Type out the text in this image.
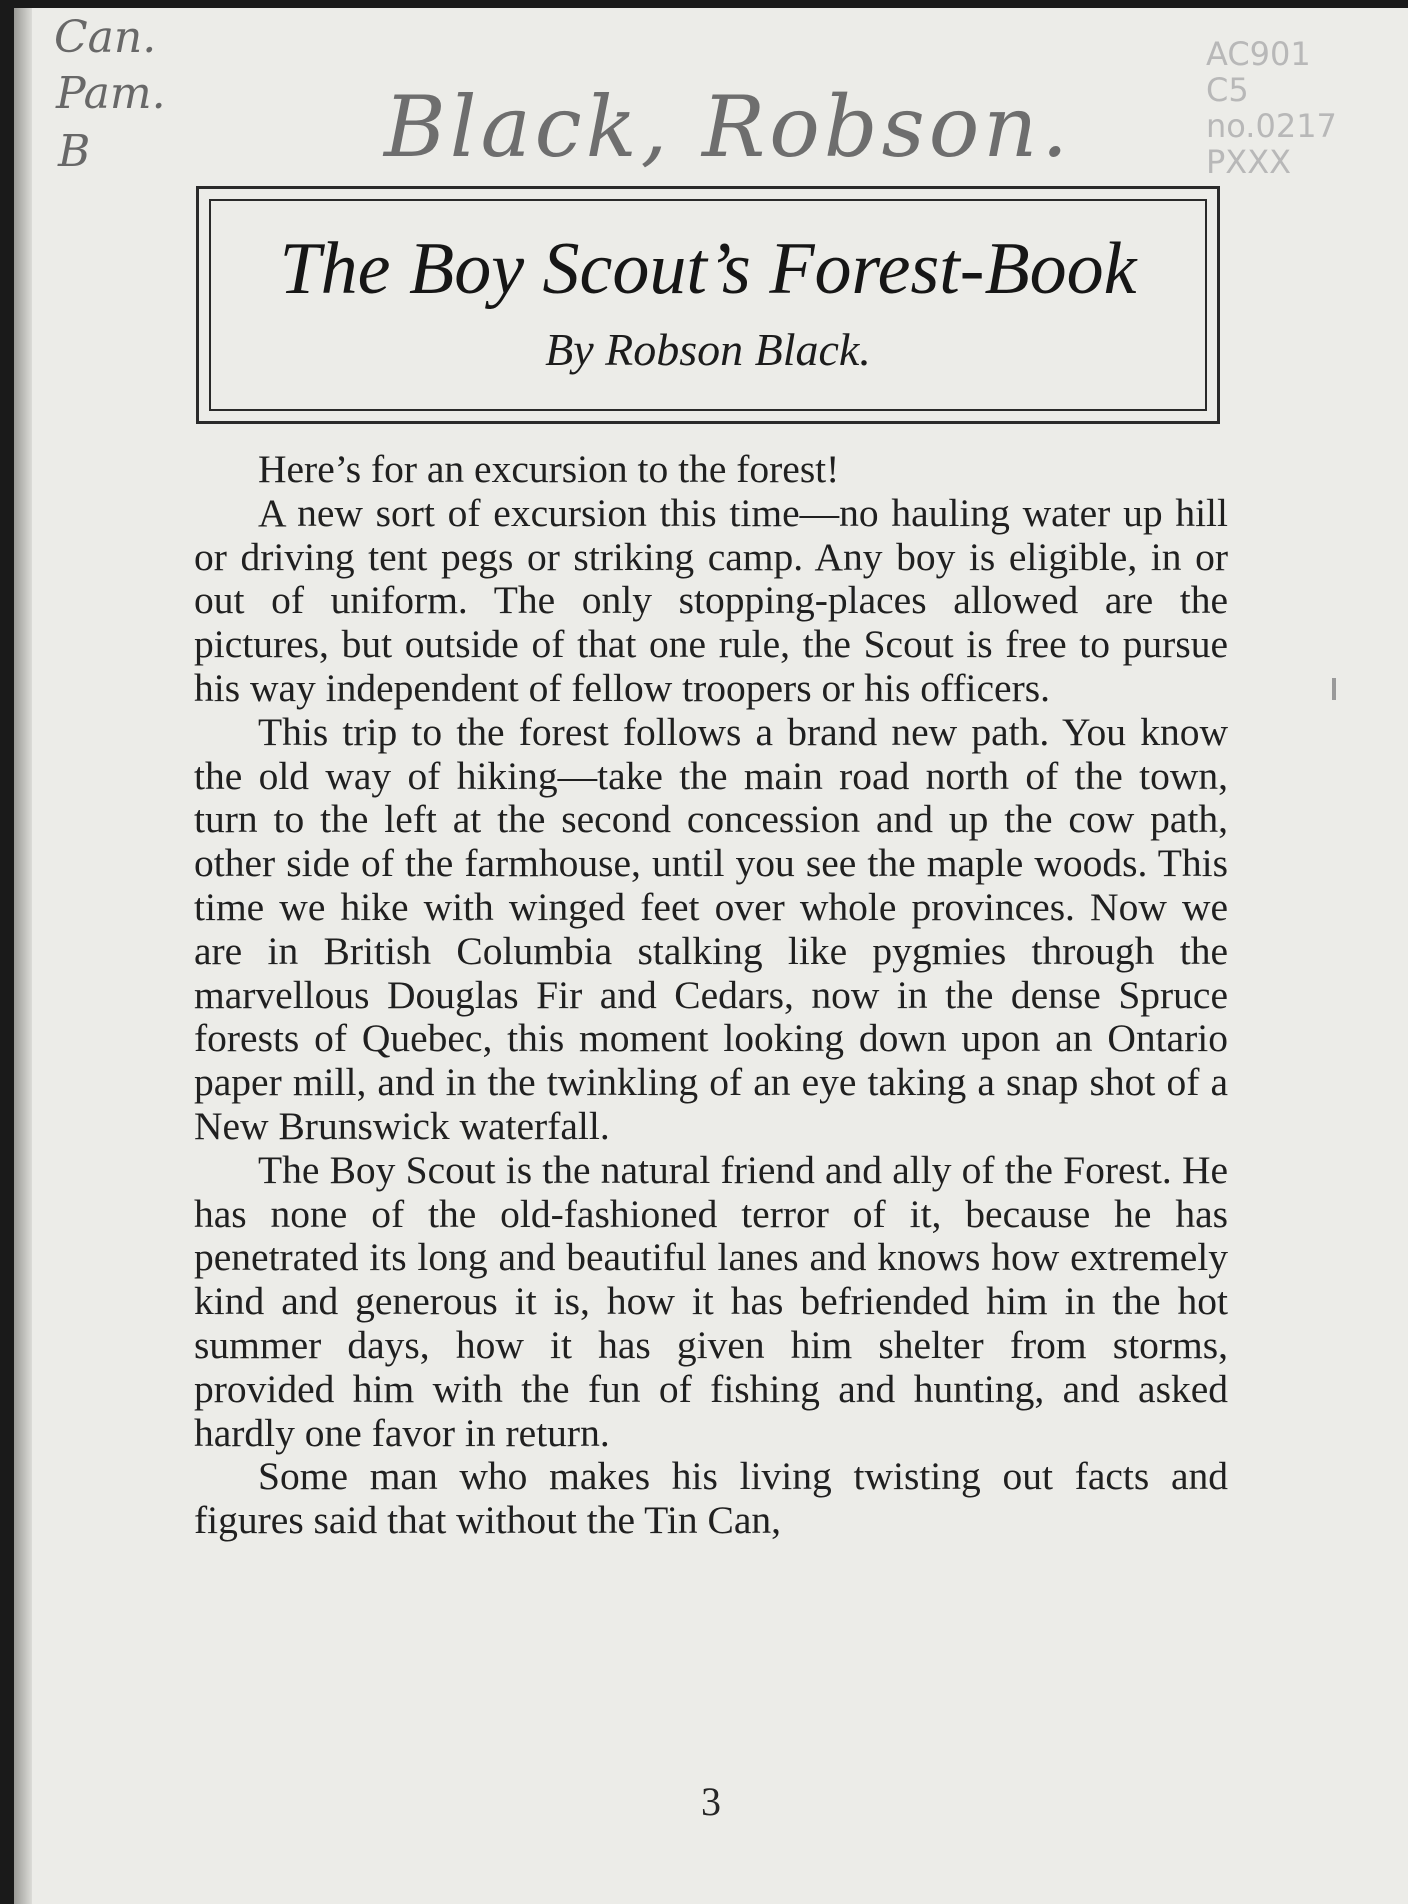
Can.
Pam.
B	Black, Robson.
AC901
C5
no.0217
PXXX
The Boy Scout’s Forest-Book
By Robson Black.

Here’s for an excursion to the forest!

A new sort of excursion this time—no hauling water up hill or driving tent pegs or striking camp. Any boy is eligible, in or out of uniform. The only stopping-places allowed are the pictures, but outside of that one rule, the Scout is free to pursue his way independent of fellow troopers or his officers.

This trip to the forest follows a brand new path. You know the old way of hiking—take the main road north of the town, turn to the left at the second concession and up the cow path, other side of the farmhouse, until you see the maple woods. This time we hike with winged feet over whole provinces. Now we are in British Columbia stalking like pygmies through the marvellous Douglas Fir and Cedars, now in the dense Spruce forests of Quebec, this moment looking down upon an Ontario paper mill, and in the twinkling of an eye taking a snap shot of a New Brunswick waterfall.

The Boy Scout is the natural friend and ally of the Forest. He has none of the old-fashioned terror of it, because he has penetrated its long and beautiful lanes and knows how extremely kind and generous it is, how it has befriended him in the hot summer days, how it has given him shelter from storms, provided him with the fun of fishing and hunting, and asked hardly one favor in return.

Some man who makes his living twisting out facts and figures said that without the Tin Can,

3
